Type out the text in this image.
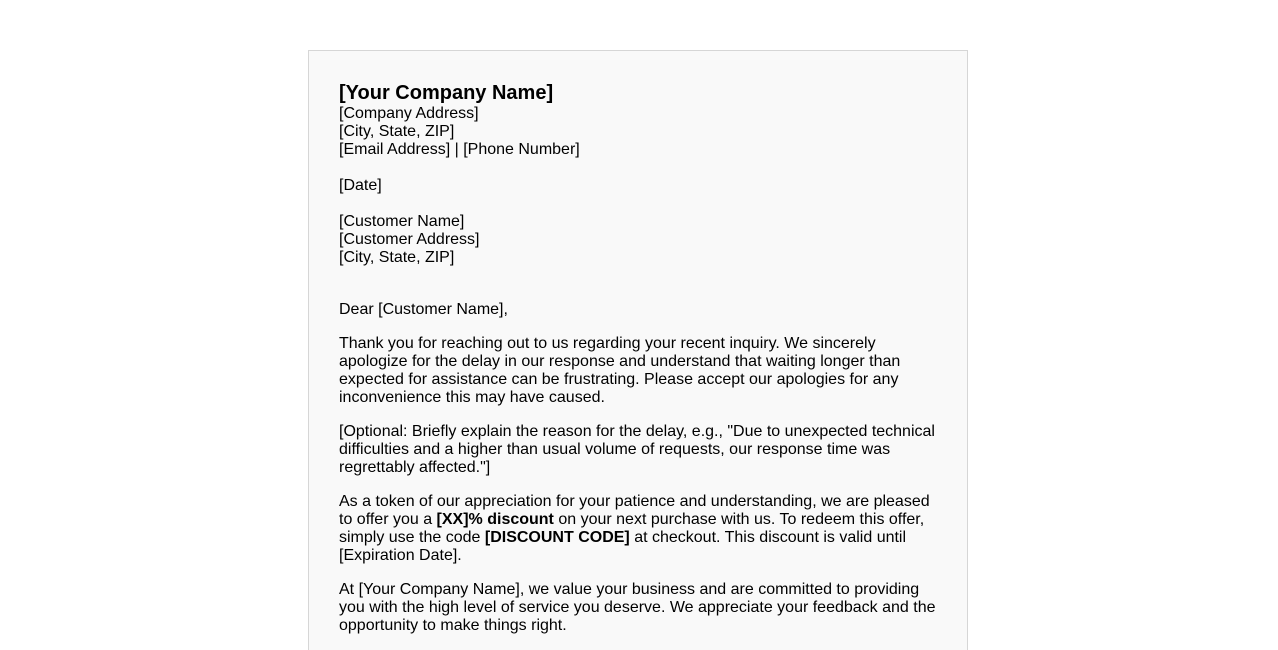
[Your Company Name]

[Company Address]

[City, State, ZIP]

[Email Address] | [Phone Number]

[Date]

[Customer Name]

[Customer Address]

[City, State, ZIP]

Dear [Customer Name],

Thank you for reaching out to us regarding your recent inquiry. We sincerely apologize for the delay in our response and understand that waiting longer than expected for assistance can be frustrating. Please accept our apologies for any inconvenience this may have caused.

[Optional: Briefly explain the reason for the delay, e.g., "Due to unexpected technical difficulties and a higher than usual volume of requests, our response time was regrettably affected."]

As a token of our appreciation for your patience and understanding, we are pleased to offer you a [XX]% discount on your next purchase with us. To redeem this offer, simply use the code [DISCOUNT CODE] at checkout. This discount is valid until [Expiration Date].

At [Your Company Name], we value your business and are committed to providing you with the high level of service you deserve. We appreciate your feedback and the opportunity to make things right.
